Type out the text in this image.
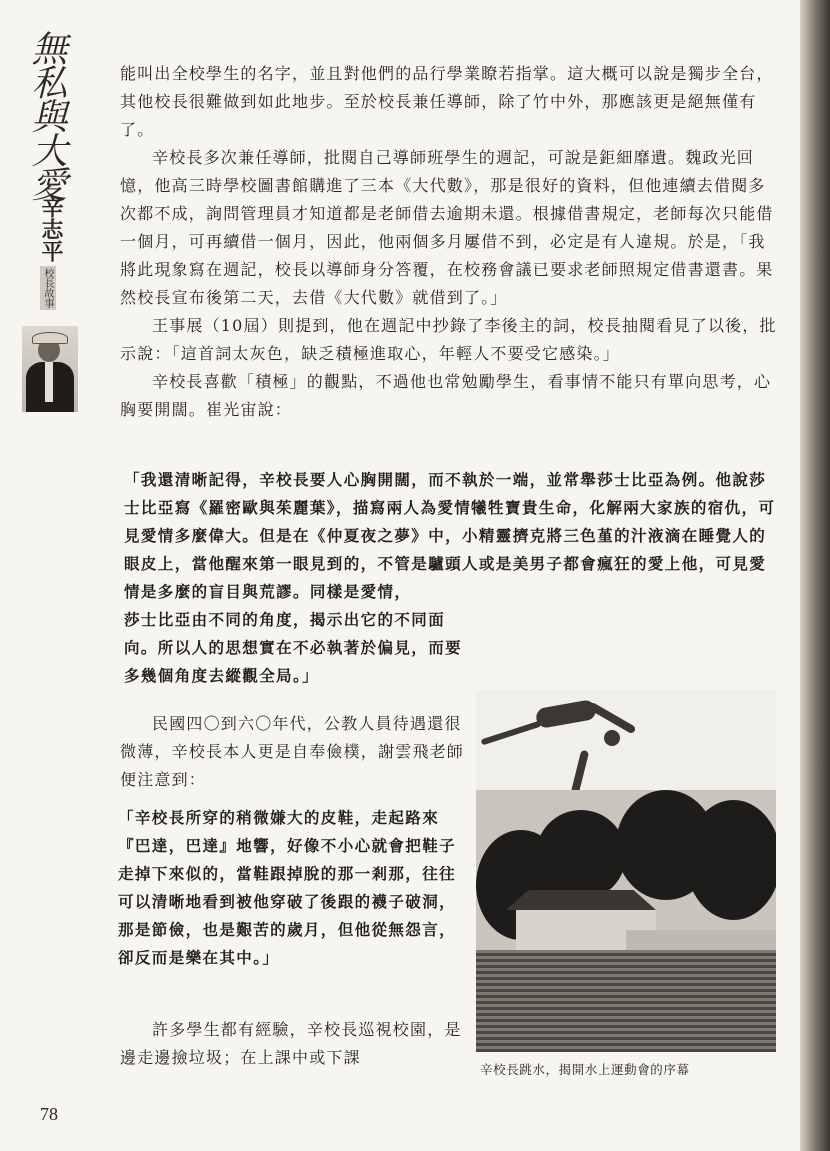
無私與大愛
辛志平
校長故事

能叫出全校學生的名字，並且對他們的品行學業瞭若指掌。這大概可以說是獨步全台，其他校長很難做到如此地步。至於校長兼任導師，除了竹中外，那應該更是絕無僅有了。

辛校長多次兼任導師，批閱自己導師班學生的週記，可說是鉅細靡遺。魏政光回憶，他高三時學校圖書館購進了三本《大代數》，那是很好的資料，但他連續去借閱多次都不成，詢問管理員才知道都是老師借去逾期未還。根據借書規定，老師每次只能借一個月，可再續借一個月，因此，他兩個多月屢借不到，必定是有人違規。於是，「我將此現象寫在週記，校長以導師身分答覆，在校務會議已要求老師照規定借書還書。果然校長宣布後第二天，去借《大代數》就借到了。」

王事展（10屆）則提到，他在週記中抄錄了李後主的詞，校長抽閱看見了以後，批示說：「這首詞太灰色，缺乏積極進取心，年輕人不要受它感染。」

辛校長喜歡「積極」的觀點，不過他也常勉勵學生，看事情不能只有單向思考，心胸要開闊。崔光宙說：

「我還清晰記得，辛校長要人心胸開闊，而不執於一端，並常舉莎士比亞為例。他說莎士比亞寫《羅密歐與茱麗葉》，描寫兩人為愛情犧牲寶貴生命，化解兩大家族的宿仇，可見愛情多麼偉大。但是在《仲夏夜之夢》中，小精靈擠克將三色堇的汁液滴在睡覺人的眼皮上，當他醒來第一眼見到的，不管是驢頭人或是美男子都會瘋狂的愛上他，可見愛情是多麼的盲目與荒謬。同樣是愛情，
莎士比亞由不同的角度，揭示出它的不同面向。所以人的思想實在不必執著於偏見，而要多幾個角度去縱觀全局。」

民國四〇到六〇年代，公教人員待遇還很微薄，辛校長本人更是自奉儉樸，謝雲飛老師便注意到：

「辛校長所穿的稍微嫌大的皮鞋，走起路來『巴達，巴達』地響，好像不小心就會把鞋子走掉下來似的，當鞋跟掉脫的那一剎那，往往可以清晰地看到被他穿破了後跟的襪子破洞，那是節儉，也是艱苦的歲月，但他從無怨言，卻反而是樂在其中。」

許多學生都有經驗，辛校長巡視校園，是邊走邊撿垃圾；在上課中或下課

辛校長跳水，揭開水上運動會的序幕
78
